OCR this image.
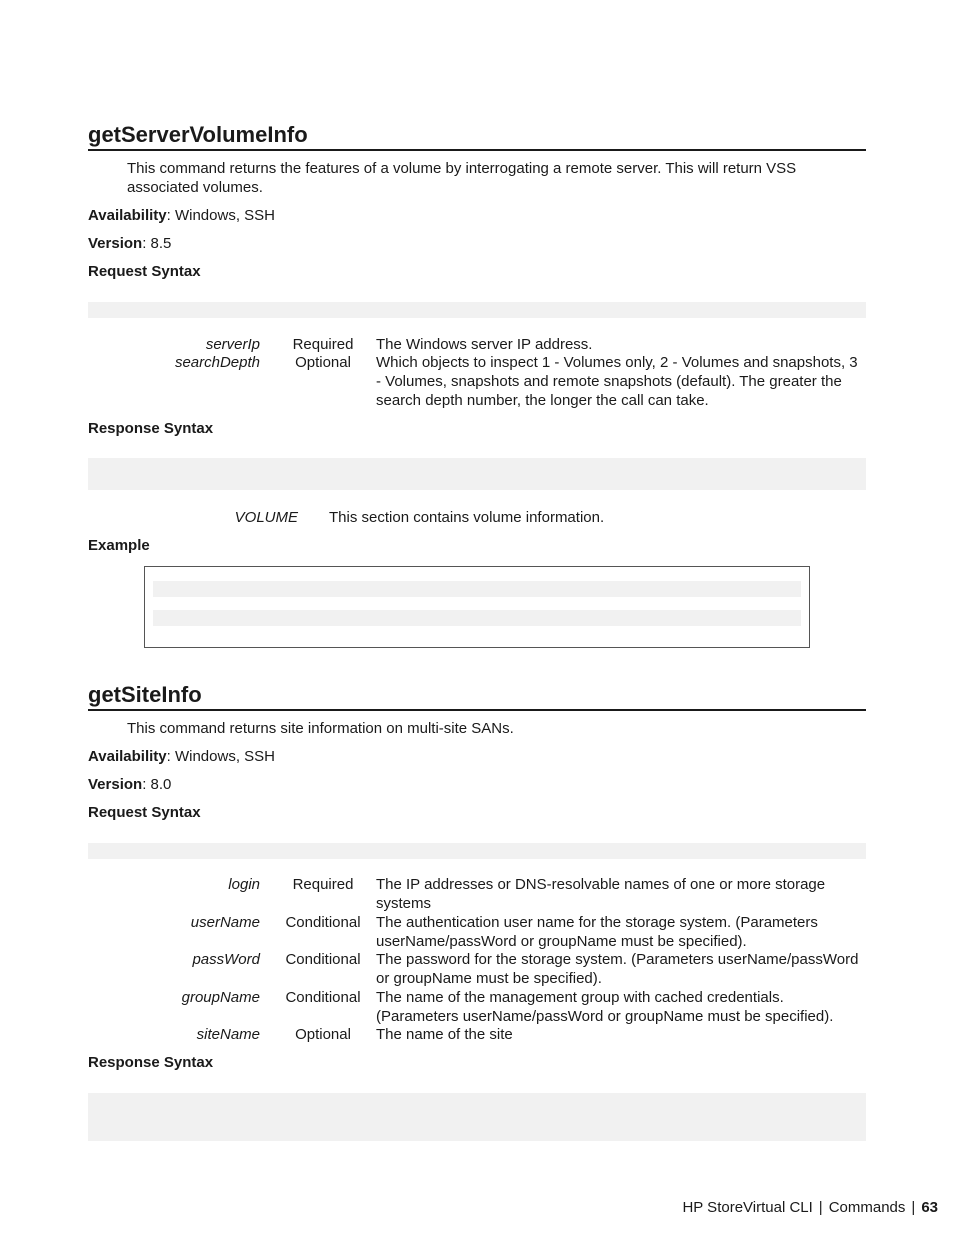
getServerVolumeInfo
This command returns the features of a volume by interrogating a remote server. This will return VSS associated volumes.
Availability: Windows, SSH
Version: 8.5
Request Syntax
serverIp	Required	The Windows server IP address.
searchDepth	Optional	Which objects to inspect 1 - Volumes only, 2 - Volumes and snapshots, 3 - Volumes, snapshots and remote snapshots (default). The greater the search depth number, the longer the call can take.
Response Syntax
VOLUME This section contains volume information.
Example
getSiteInfo
This command returns site information on multi-site SANs.
Availability: Windows, SSH
Version: 8.0
Request Syntax
login	Required	The IP addresses or DNS-resolvable names of one or more storage systems
userName	Conditional	The authentication user name for the storage system. (Parameters userName/passWord or groupName must be specified).
passWord	Conditional	The password for the storage system. (Parameters userName/passWord or groupName must be specified).
groupName	Conditional	The name of the management group with cached credentials. (Parameters userName/passWord or groupName must be specified).
siteName	Optional	The name of the site
Response Syntax
HP StoreVirtual CLI | Commands | 63
